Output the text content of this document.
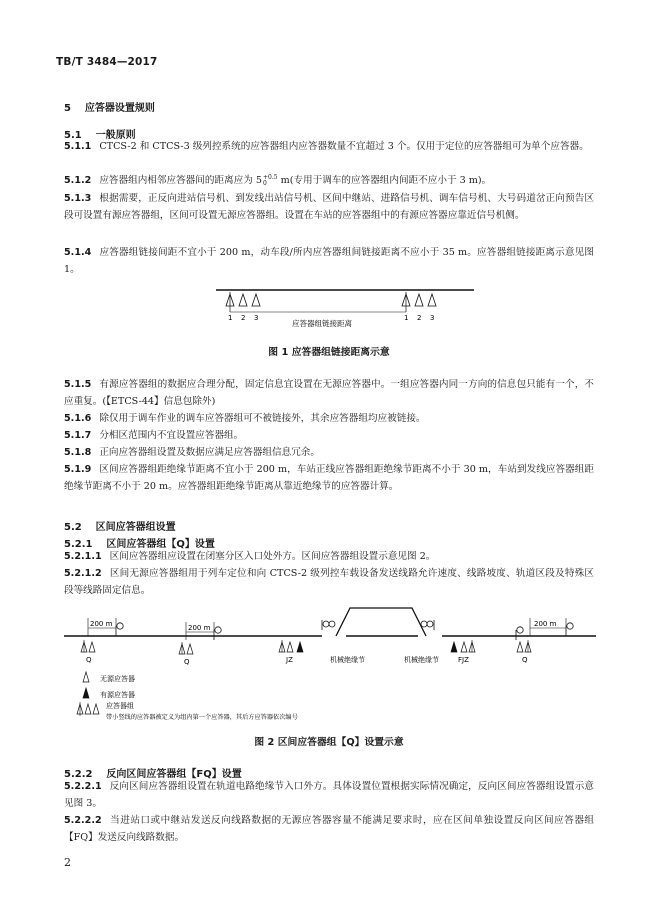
TB/T 3484—2017
5 应答器设置规则
5.1 一般原则
5.1.1 CTCS-2 和 CTCS-3 级列控系统的应答器组内应答器数量不宜超过 3 个。仅用于定位的应答器组可为单个应答器。
5.1.2 应答器组内相邻应答器间的距离应为 5 +0.5
0	m(专用于调车的应答器组内间距不应小于 3 m)。
5.1.3 根据需要，正反向进站信号机、到发线出站信号机、区间中继站、进路信号机、调车信号机、大号码道岔正向预告区段可设置有源应答器组，区间可设置无源应答器组。设置在车站的应答器组中的有源应答器应靠近信号机侧。
5.1.4 应答器组链接间距不宜小于 200 m，动车段/所内应答器组间链接距离不应小于 35 m。应答器组链接距离示意见图 1。
1 2 3	1 2 3
应答器组链接距离
图 1 应答器组链接距离示意
5.1.5 有源应答器组的数据应合理分配，固定信息宜设置在无源应答器中。一组应答器内同一方向的信息包只能有一个，不应重复。(【ETCS-44】信息包除外)
5.1.6 除仅用于调车作业的调车应答器组可不被链接外，其余应答器组均应被链接。
5.1.7 分相区范围内不宜设置应答器组。
5.1.8 正向应答器组设置及数据应满足应答器组信息冗余。
5.1.9 区间应答器组距绝缘节距离不宜小于 200 m，车站正线应答器组距绝缘节距离不小于 30 m，车站到发线应答器组距绝缘节距离不小于 20 m。应答器组距绝缘节距离从靠近绝缘节的应答器计算。
5.2 区间应答器组设置
5.2.1 区间应答器组【Q】设置
5.2.1.1 区间应答器组应设置在闭塞分区入口处外方。区间应答器组设置示意见图 2。
5.2.1.2 区间无源应答器组用于列车定位和向 CTCS-2 级列控车载设备发送线路允许速度、线路坡度、轨道区段及特殊区段等线路固定信息。
200 m	200 m	200 m
Q	Q	JZ	FJZ	Q
机械绝缘节	机械绝缘节
无源应答器
有源应答器
应答器组
带小竖线的应答器被定义为组内第一个应答器，其后方应答器依次编号
图 2 区间应答器组【Q】设置示意
5.2.2 反向区间应答器组【FQ】设置
5.2.2.1 反向区间应答器组设置在轨道电路绝缘节入口外方。具体设置位置根据实际情况确定，反向区间应答器组设置示意见图 3。
5.2.2.2 当进站口或中继站发送反向线路数据的无源应答器容量不能满足要求时，应在区间单独设置反向区间应答器组【FQ】发送反向线路数据。
2
